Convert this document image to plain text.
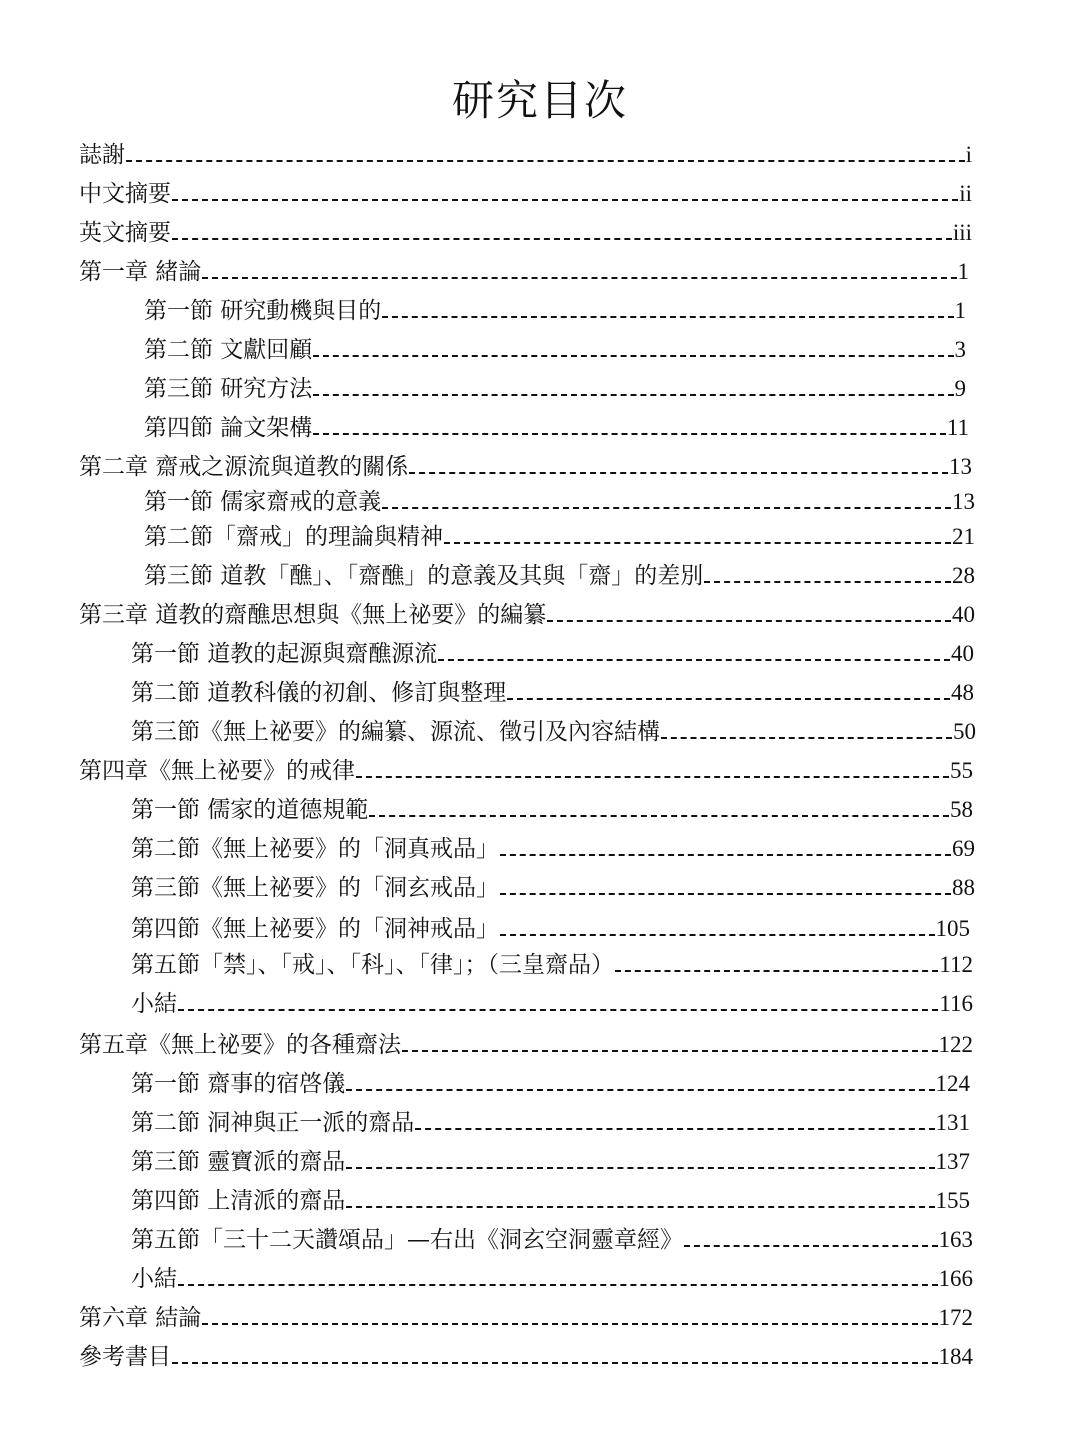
研究目次
誌謝	i
中文摘要	ii
英文摘要	iii
第一章 緒論	1
第一節 研究動機與目的	1
第二節 文獻回顧	3
第三節 研究方法	9
第四節 論文架構	11
第二章 齋戒之源流與道教的關係	13
第一節 儒家齋戒的意義	13
第二節「齋戒」的理論與精神	21
第三節 道教「醮」、「齋醮」的意義及其與「齋」的差別	28
第三章 道教的齋醮思想與《無上祕要》的編纂	40
第一節 道教的起源與齋醮源流	40
第二節 道教科儀的初創、修訂與整理	48
第三節《無上祕要》的編纂、源流、徵引及內容結構	50
第四章《無上祕要》的戒律	55
第一節 儒家的道德規範	58
第二節《無上祕要》的「洞真戒品」	69
第三節《無上祕要》的「洞玄戒品」	88
第四節《無上祕要》的「洞神戒品」	105
第五節「禁」、「戒」、「科」、「律」；（三皇齋品）	112
小結	116
第五章《無上祕要》的各種齋法	122
第一節 齋事的宿啓儀	124
第二節 洞神與正一派的齋品	131
第三節 靈寶派的齋品	137
第四節 上清派的齋品	155
第五節「三十二天讚頌品」—右出《洞玄空洞靈章經》	163
小結	166
第六章 結論	172
參考書目	184
